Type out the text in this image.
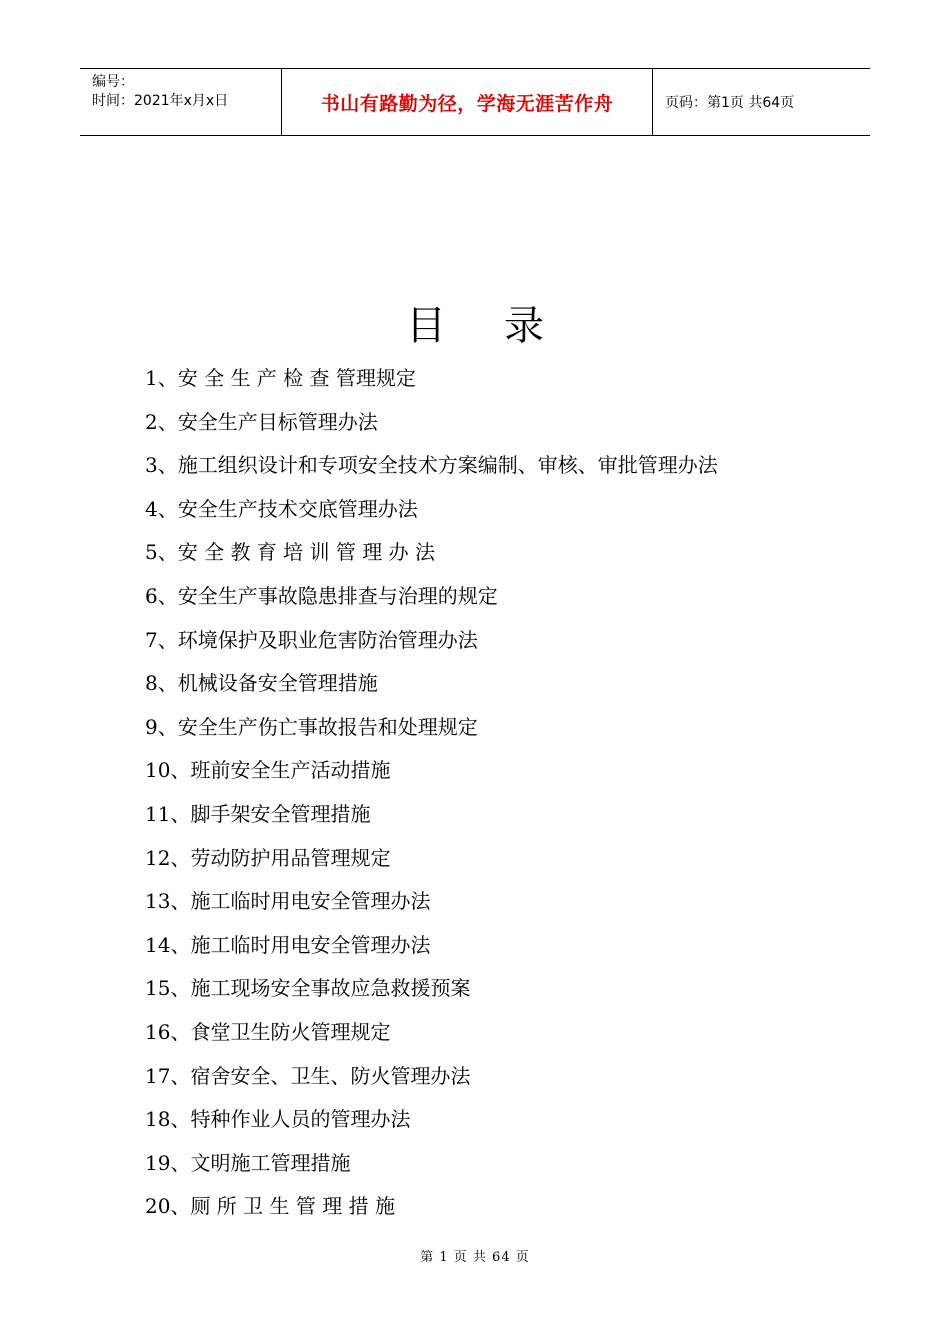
编号：
时间：2021年x月x日	书山有路勤为径，学海无涯苦作舟	页码：第1页 共64页
目 录
1、安 全 生 产 检 查 管理规定
2、安全生产目标管理办法
3、施工组织设计和专项安全技术方案编制、审核、审批管理办法
4、安全生产技术交底管理办法
5、安 全 教 育 培 训 管 理 办 法
6、安全生产事故隐患排查与治理的规定
7、环境保护及职业危害防治管理办法
8、机械设备安全管理措施
9、安全生产伤亡事故报告和处理规定
10、班前安全生产活动措施
11、脚手架安全管理措施
12、劳动防护用品管理规定
13、施工临时用电安全管理办法
14、施工临时用电安全管理办法
15、施工现场安全事故应急救援预案
16、食堂卫生防火管理规定
17、宿舍安全、卫生、防火管理办法
18、特种作业人员的管理办法
19、文明施工管理措施
20、厕 所 卫 生 管 理 措 施
第 1 页 共 64 页
